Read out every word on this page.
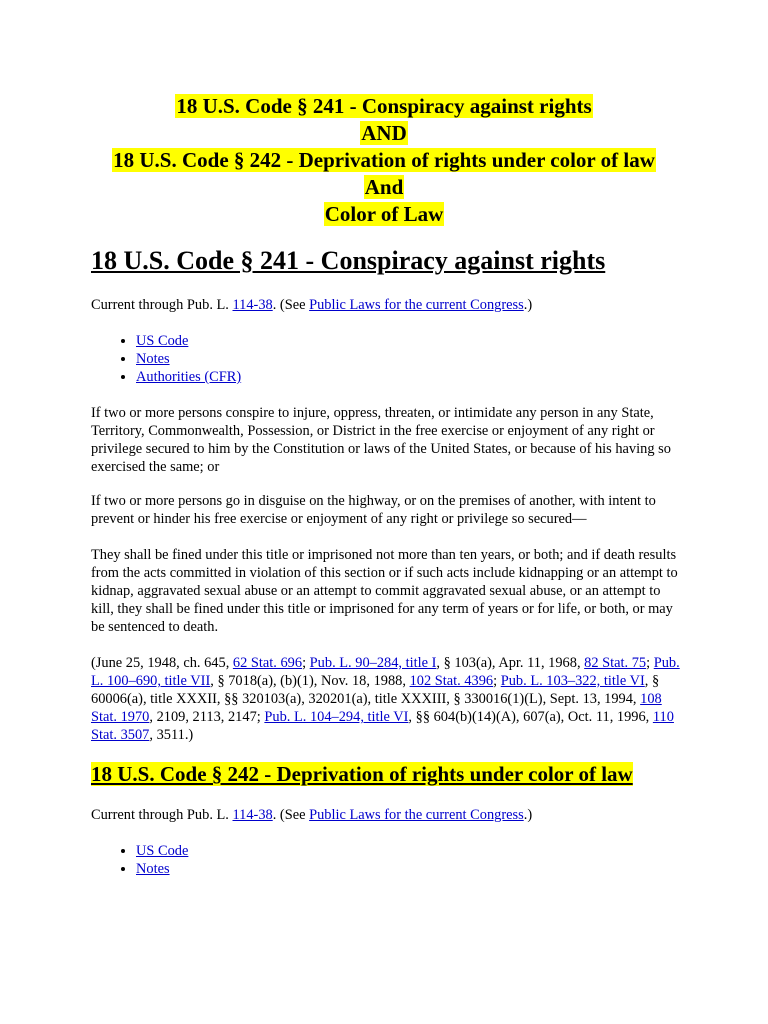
18 U.S. Code § 241 - Conspiracy against rights
AND
18 U.S. Code § 242 - Deprivation of rights under color of law
And
Color of Law
18 U.S. Code § 241 - Conspiracy against rights

Current through Pub. L. 114-38. (See Public Laws for the current Congress.)

• US Code
• Notes
• Authorities (CFR)

If two or more persons conspire to injure, oppress, threaten, or intimidate any person in any State, Territory, Commonwealth, Possession, or District in the free exercise or enjoyment of any right or privilege secured to him by the Constitution or laws of the United States, or because of his having so exercised the same; or

If two or more persons go in disguise on the highway, or on the premises of another, with intent to prevent or hinder his free exercise or enjoyment of any right or privilege so secured—

They shall be fined under this title or imprisoned not more than ten years, or both; and if death results from the acts committed in violation of this section or if such acts include kidnapping or an attempt to kidnap, aggravated sexual abuse or an attempt to commit aggravated sexual abuse, or an attempt to kill, they shall be fined under this title or imprisoned for any term of years or for life, or both, or may be sentenced to death.

(June 25, 1948, ch. 645, 62 Stat. 696; Pub. L. 90–284, title I, § 103(a), Apr. 11, 1968, 82 Stat. 75; Pub. L. 100–690, title VII, § 7018(a), (b)(1), Nov. 18, 1988, 102 Stat. 4396; Pub. L. 103–322, title VI, § 60006(a), title XXXII, §§ 320103(a), 320201(a), title XXXIII, § 330016(1)(L), Sept. 13, 1994, 108 Stat. 1970, 2109, 2113, 2147; Pub. L. 104–294, title VI, §§ 604(b)(14)(A), 607(a), Oct. 11, 1996, 110 Stat. 3507, 3511.)

18 U.S. Code § 242 - Deprivation of rights under color of law

Current through Pub. L. 114-38. (See Public Laws for the current Congress.)

• US Code
• Notes
